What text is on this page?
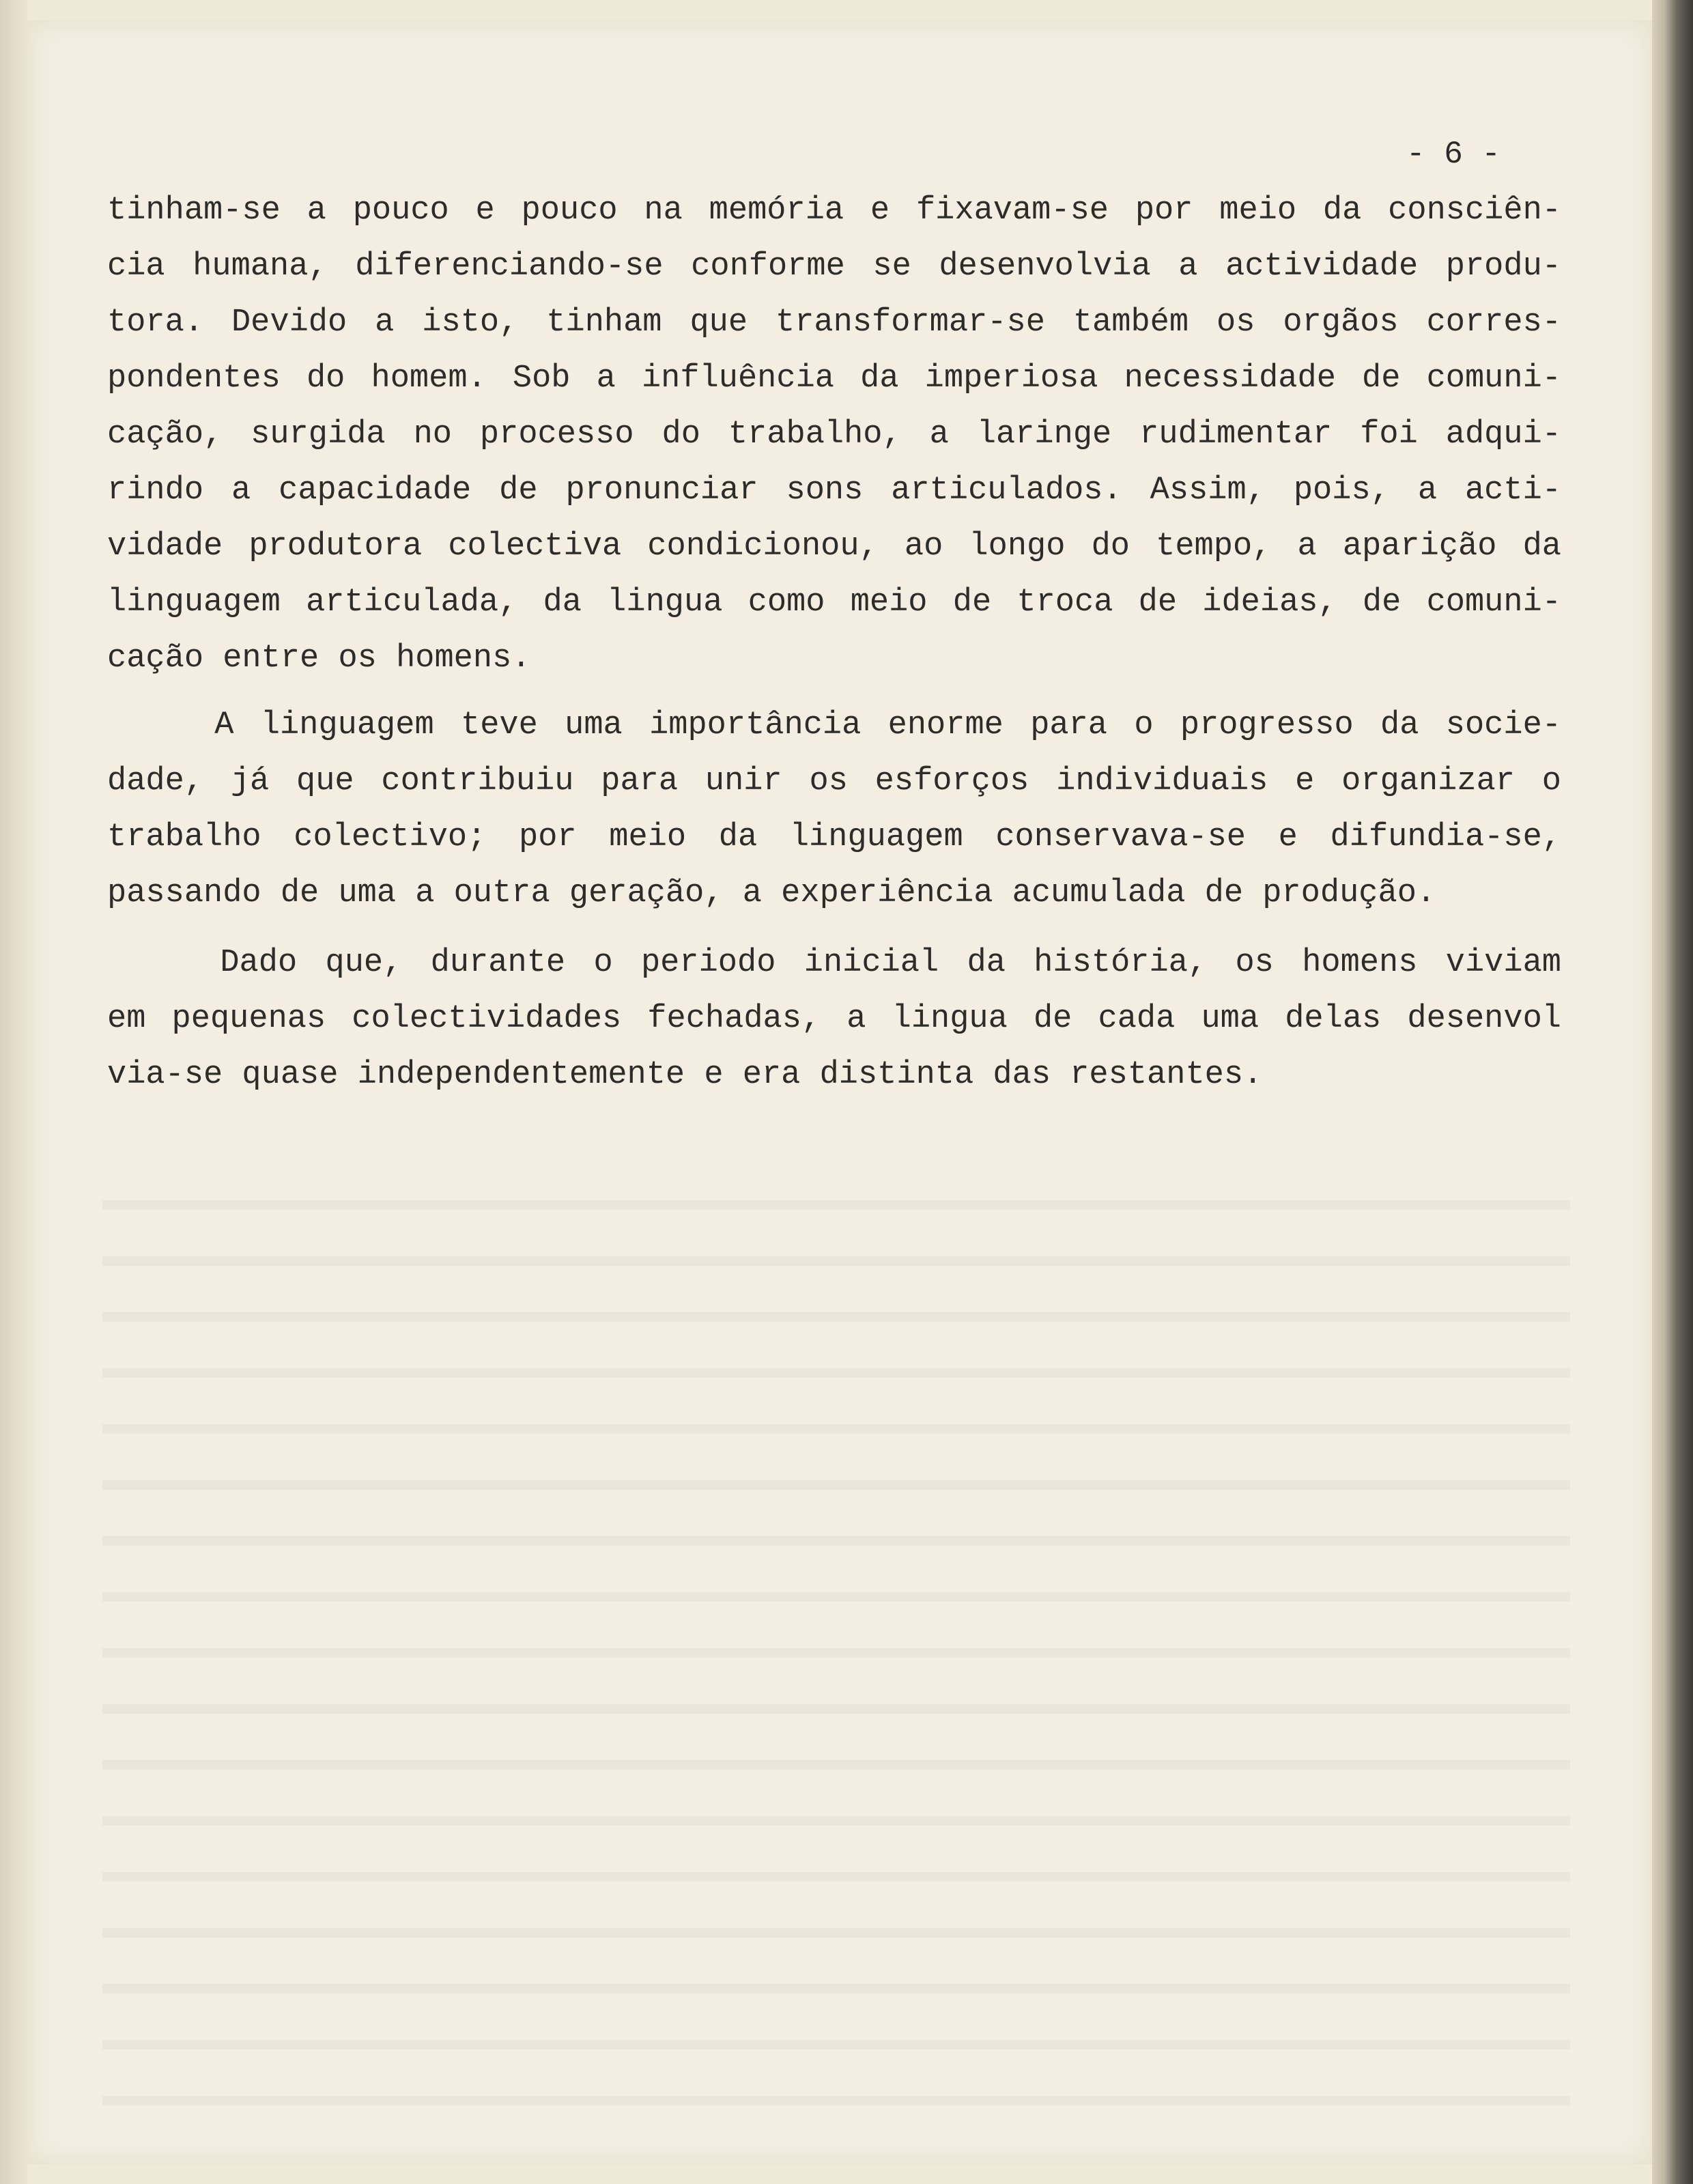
- 6 -
tinham-se a pouco e pouco na memória e fixavam-se por meio da consciên-
cia humana, diferenciando-se conforme se desenvolvia a actividade produ-
tora. Devido a isto, tinham que transformar-se também os orgãos corres-
pondentes do homem. Sob a influência da imperiosa necessidade de comuni-
cação, surgida no processo do trabalho, a laringe rudimentar foi adqui-
rindo a capacidade de pronunciar sons articulados. Assim, pois, a acti-
vidade produtora colectiva condicionou, ao longo do tempo, a aparição da
linguagem articulada, da lingua como meio de troca de ideias, de comuni-
cação entre os homens.
A linguagem teve uma importância enorme para o progresso da socie-
dade, já que contribuiu para unir os esforços individuais e organizar o
trabalho colectivo; por meio da linguagem conservava-se e difundia-se,
passando de uma a outra geração, a experiência acumulada de produção.
Dado que, durante o periodo inicial da história, os homens viviam
em pequenas colectividades fechadas, a lingua de cada uma delas desenvol
via-se quase independentemente e era distinta das restantes.
